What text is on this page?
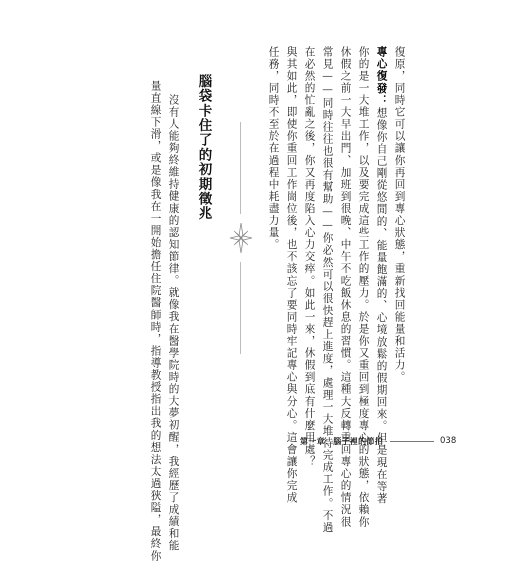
復原，同時它可以讓你再回到專心狀態，重新找回能量和活力。
專心復發：想像你自己剛從悠閒的、能量飽滿的、心境放鬆的假期回來。但是現在等著
你的是一大堆工作，以及要完成這些工作的壓力。於是你又重回到極度專心的狀態，依賴你
休假之前一大早出門、加班到很晚、中午不吃飯休息的習慣。這種大反轉重回專心的情況很
常見——同時往往也很有幫助——你必然可以很快趕上進度，處理一大堆待完成工作。不過
在必然的忙亂之後，你又再度陷入心力交瘁。如此一來，休假到底有什麼用處？
與其如此，即使你重回工作崗位後，也不該忘了要同時牢記專心與分心。這會讓你完成
任務，同時不至於在過程中耗盡力量。
腦袋卡住了的初期徵兆
沒有人能夠終維持健康的認知節律。就像我在醫學院時的大夢初醒，我經歷了成績和能
量直線下滑，或是像我在一開始擔任住院醫師時，指導教授指出我的想法太過狹隘，最終你	第一章：腦子裡的節拍	038
